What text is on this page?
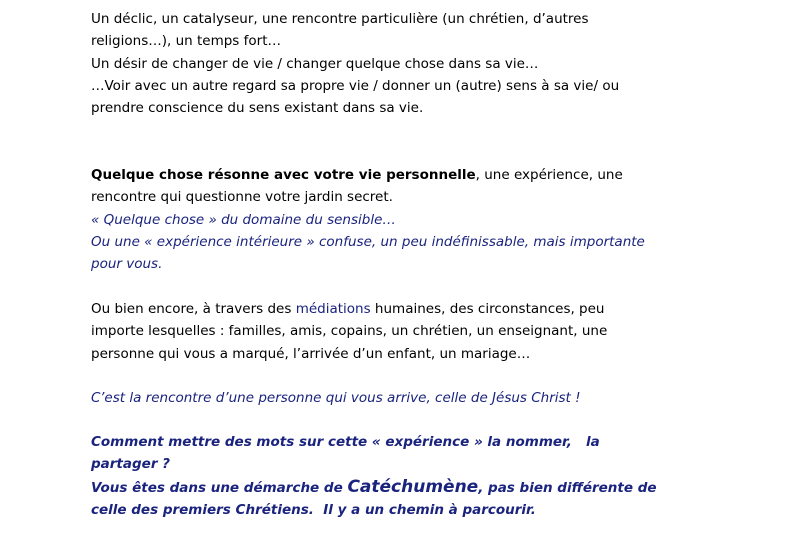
Un déclic, un catalyseur, une rencontre particulière (un chrétien, d’autres
religions…), un temps fort…
Un désir de changer de vie / changer quelque chose dans sa vie…
…Voir avec un autre regard sa propre vie / donner un (autre) sens à sa vie/ ou
prendre conscience du sens existant dans sa vie.
Quelque chose résonne avec votre vie personnelle, une expérience, une
rencontre qui questionne votre jardin secret.
« Quelque chose » du domaine du sensible…
Ou une « expérience intérieure » confuse, un peu indéfinissable, mais importante
pour vous.
Ou bien encore, à travers des médiations humaines, des circonstances, peu
importe lesquelles : familles, amis, copains, un chrétien, un enseignant, une
personne qui vous a marqué, l’arrivée d’un enfant, un mariage…
C’est la rencontre d’une personne qui vous arrive, celle de Jésus Christ !
Comment mettre des mots sur cette « expérience » la nommer,   la
partager ?
Vous êtes dans une démarche de Catéchumène, pas bien différente de
celle des premiers Chrétiens.  Il y a un chemin à parcourir.
